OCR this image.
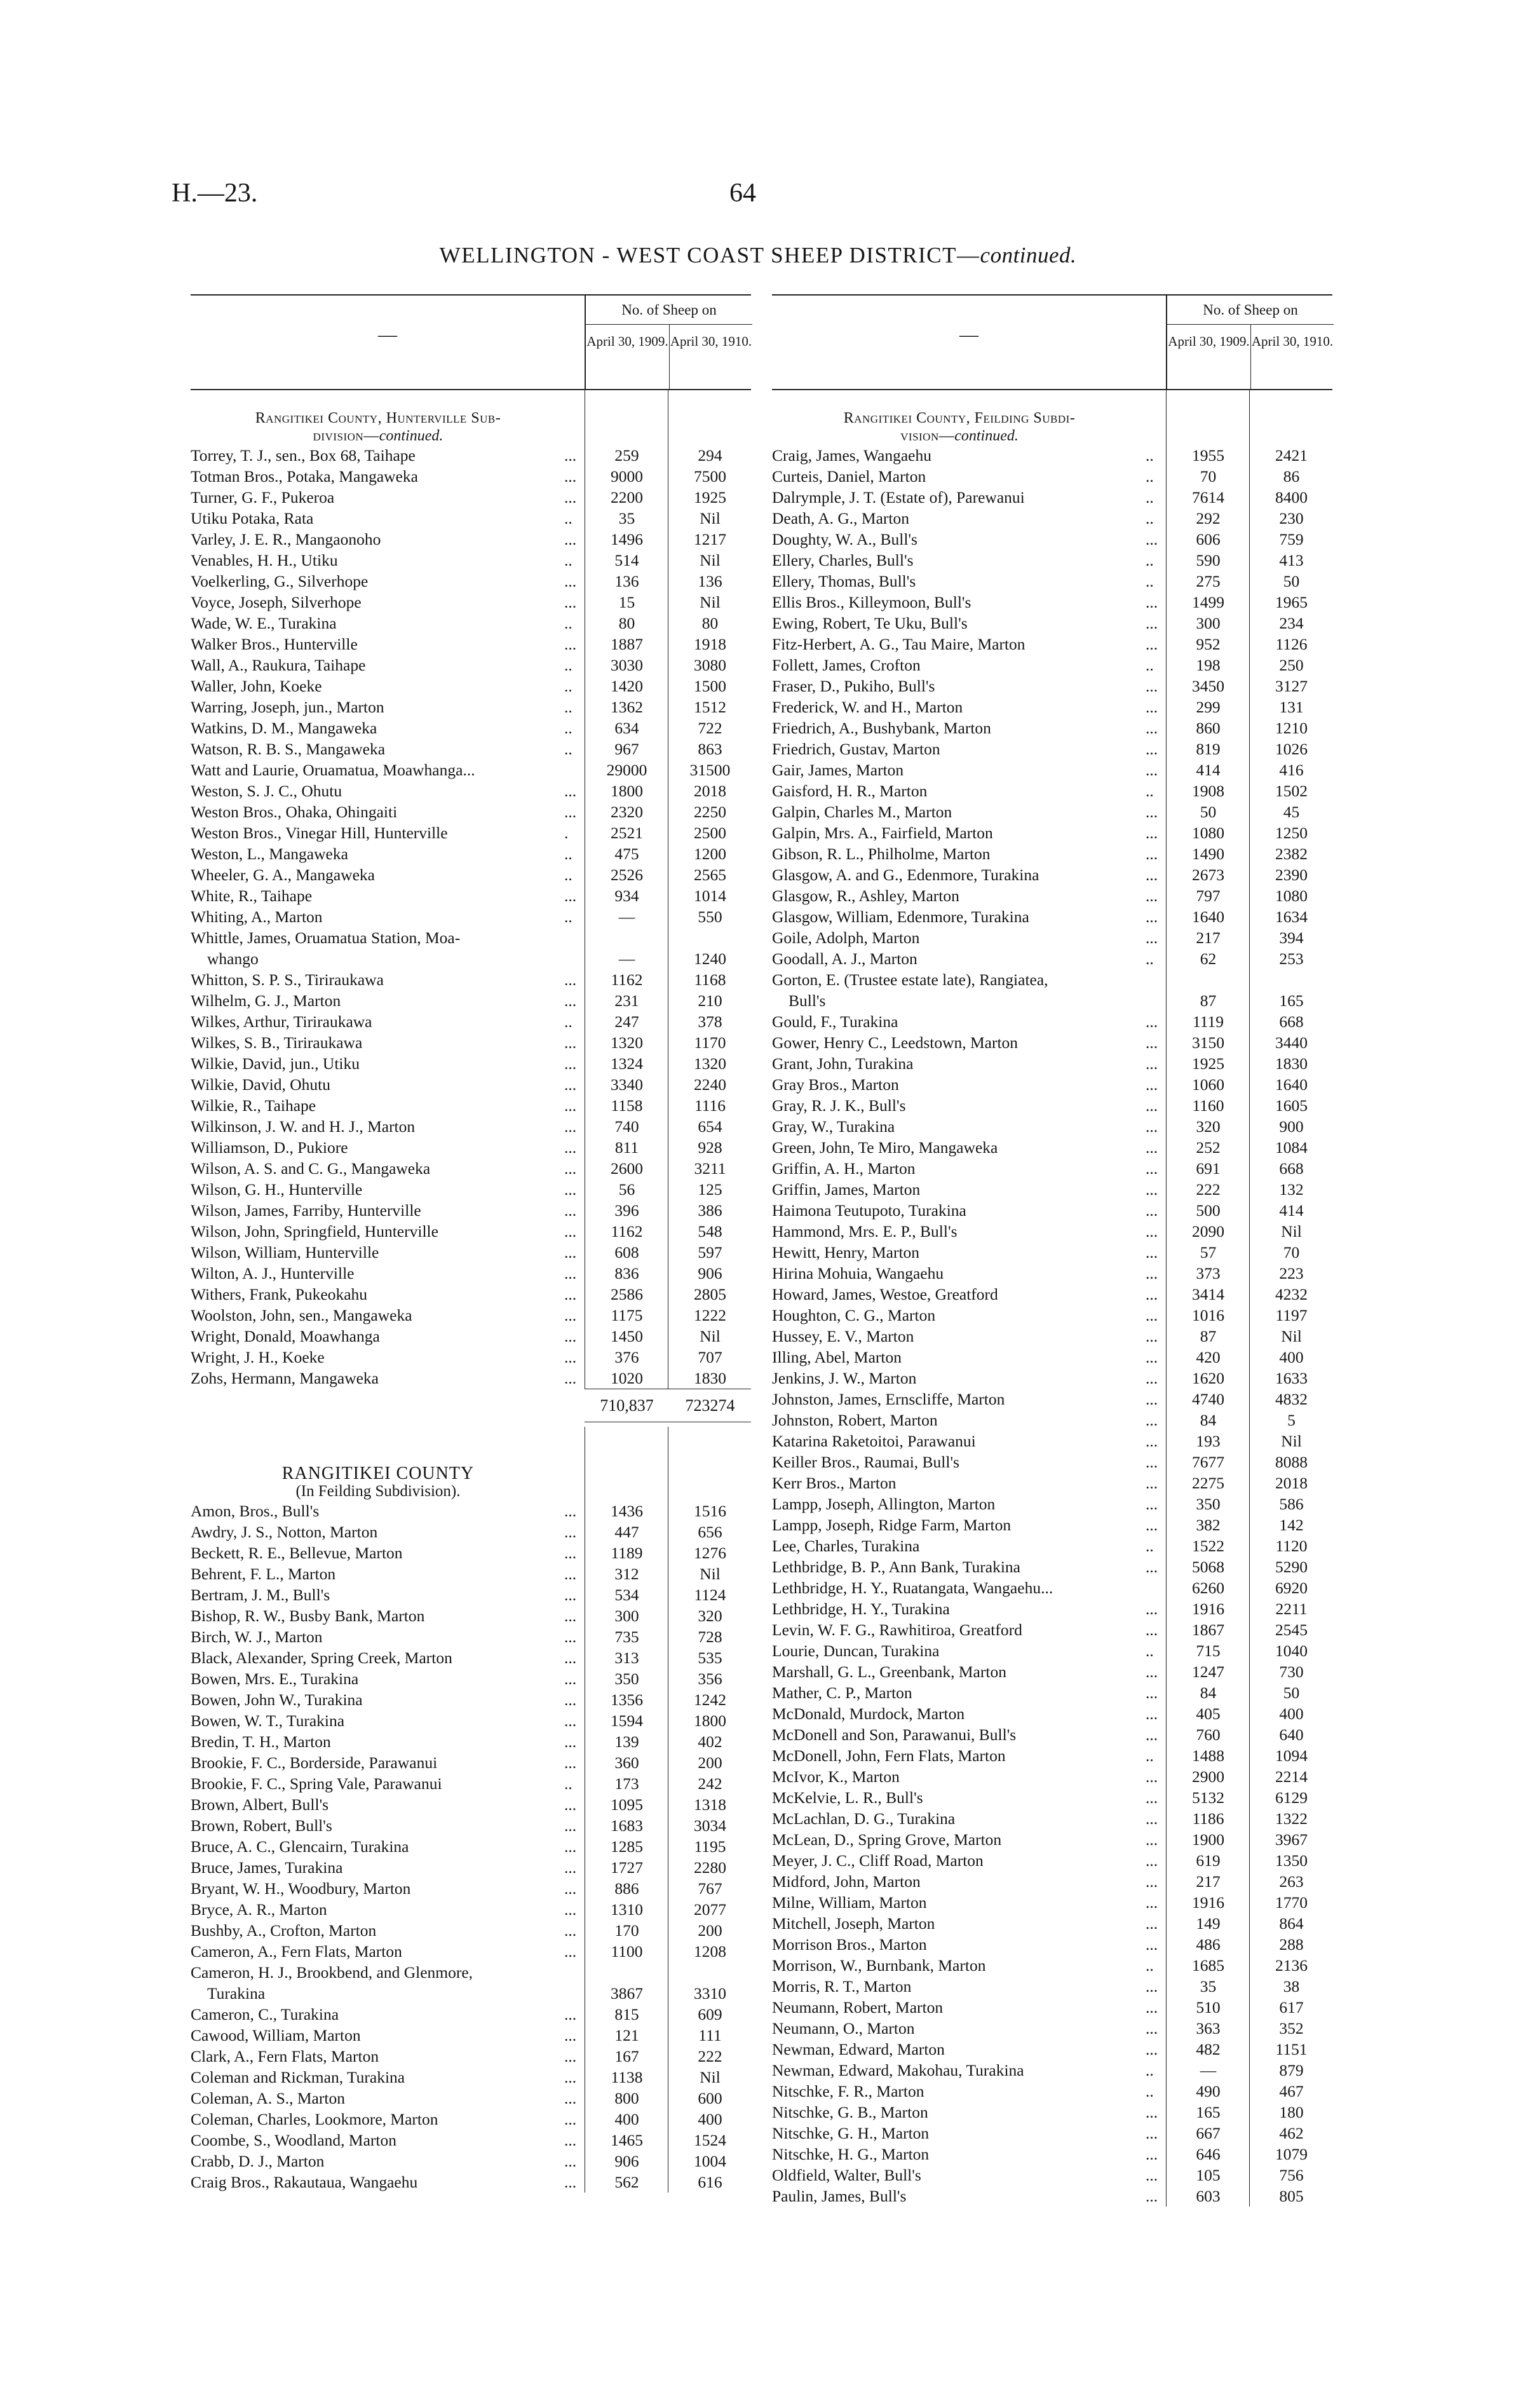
H.—23.	64
WELLINGTON - WEST COAST SHEEP DISTRICT—continued.
—
No. of Sheep on
April 30, 1909. April 30, 1910.
Rangitikei County, Hunterville Sub-
division—continued.
Torrey, T. J., sen., Box 68, Taihape	...	259	294
Totman Bros., Potaka, Mangaweka	...	9000	7500
Turner, G. F., Pukeroa	...	2200	1925
Utiku Potaka, Rata	..	35	Nil
Varley, J. E. R., Mangaonoho	...	1496	1217
Venables, H. H., Utiku	..	514	Nil
Voelkerling, G., Silverhope	...	136	136
Voyce, Joseph, Silverhope	...	15	Nil
Wade, W. E., Turakina	..	80	80
Walker Bros., Hunterville	...	1887	1918
Wall, A., Raukura, Taihape	..	3030	3080
Waller, John, Koeke	..	1420	1500
Warring, Joseph, jun., Marton	..	1362	1512
Watkins, D. M., Mangaweka	..	634	722
Watson, R. B. S., Mangaweka	..	967	863
Watt and Laurie, Oruamatua, Moawhanga...	29000	31500
Weston, S. J. C., Ohutu	...	1800	2018
Weston Bros., Ohaka, Ohingaiti	...	2320	2250
Weston Bros., Vinegar Hill, Hunterville	.	2521	2500
Weston, L., Mangaweka	..	475	1200
Wheeler, G. A., Mangaweka	..	2526	2565
White, R., Taihape	...	934	1014
Whiting, A., Marton	..	—	550
Whittle, James, Oruamatua Station, Moa-
whango	—	1240
Whitton, S. P. S., Tiriraukawa	...	1162	1168
Wilhelm, G. J., Marton	...	231	210
Wilkes, Arthur, Tiriraukawa	..	247	378
Wilkes, S. B., Tiriraukawa	...	1320	1170
Wilkie, David, jun., Utiku	...	1324	1320
Wilkie, David, Ohutu	...	3340	2240
Wilkie, R., Taihape	...	1158	1116
Wilkinson, J. W. and H. J., Marton	...	740	654
Williamson, D., Pukiore	...	811	928
Wilson, A. S. and C. G., Mangaweka	...	2600	3211
Wilson, G. H., Hunterville	...	56	125
Wilson, James, Farriby, Hunterville	...	396	386
Wilson, John, Springfield, Hunterville	...	1162	548
Wilson, William, Hunterville	...	608	597
Wilton, A. J., Hunterville	...	836	906
Withers, Frank, Pukeokahu	...	2586	2805
Woolston, John, sen., Mangaweka	...	1175	1222
Wright, Donald, Moawhanga	...	1450	Nil
Wright, J. H., Koeke	...	376	707
Zohs, Hermann, Mangaweka	...	1020	1830
710,837	723274
RANGITIKEI COUNTY

(In Feilding Subdivision).
Amon, Bros., Bull's	...	1436	1516
Awdry, J. S., Notton, Marton	...	447	656
Beckett, R. E., Bellevue, Marton	...	1189	1276
Behrent, F. L., Marton	...	312	Nil
Bertram, J. M., Bull's	...	534	1124
Bishop, R. W., Busby Bank, Marton	...	300	320
Birch, W. J., Marton	...	735	728
Black, Alexander, Spring Creek, Marton	...	313	535
Bowen, Mrs. E., Turakina	...	350	356
Bowen, John W., Turakina	...	1356	1242
Bowen, W. T., Turakina	...	1594	1800
Bredin, T. H., Marton	...	139	402
Brookie, F. C., Borderside, Parawanui	...	360	200
Brookie, F. C., Spring Vale, Parawanui	..	173	242
Brown, Albert, Bull's	...	1095	1318
Brown, Robert, Bull's	...	1683	3034
Bruce, A. C., Glencairn, Turakina	...	1285	1195
Bruce, James, Turakina	...	1727	2280
Bryant, W. H., Woodbury, Marton	...	886	767
Bryce, A. R., Marton	...	1310	2077
Bushby, A., Crofton, Marton	...	170	200
Cameron, A., Fern Flats, Marton	...	1100	1208
Cameron, H. J., Brookbend, and Glenmore,
Turakina	3867	3310
Cameron, C., Turakina	...	815	609
Cawood, William, Marton	...	121	111
Clark, A., Fern Flats, Marton	...	167	222
Coleman and Rickman, Turakina	...	1138	Nil
Coleman, A. S., Marton	...	800	600
Coleman, Charles, Lookmore, Marton	...	400	400
Coombe, S., Woodland, Marton	...	1465	1524
Crabb, D. J., Marton	...	906	1004
Craig Bros., Rakautaua, Wangaehu	...	562	616
—
No. of Sheep on
April 30, 1909. April 30, 1910.
Rangitikei County, Feilding Subdi-
vision—continued.
Craig, James, Wangaehu	..	1955	2421
Curteis, Daniel, Marton	..	70	86
Dalrymple, J. T. (Estate of), Parewanui	..	7614	8400
Death, A. G., Marton	..	292	230
Doughty, W. A., Bull's	...	606	759
Ellery, Charles, Bull's	..	590	413
Ellery, Thomas, Bull's	..	275	50
Ellis Bros., Killeymoon, Bull's	...	1499	1965
Ewing, Robert, Te Uku, Bull's	...	300	234
Fitz-Herbert, A. G., Tau Maire, Marton	...	952	1126
Follett, James, Crofton	..	198	250
Fraser, D., Pukiho, Bull's	...	3450	3127
Frederick, W. and H., Marton	...	299	131
Friedrich, A., Bushybank, Marton	...	860	1210
Friedrich, Gustav, Marton	...	819	1026
Gair, James, Marton	...	414	416
Gaisford, H. R., Marton	..	1908	1502
Galpin, Charles M., Marton	...	50	45
Galpin, Mrs. A., Fairfield, Marton	...	1080	1250
Gibson, R. L., Philholme, Marton	...	1490	2382
Glasgow, A. and G., Edenmore, Turakina	...	2673	2390
Glasgow, R., Ashley, Marton	...	797	1080
Glasgow, William, Edenmore, Turakina	...	1640	1634
Goile, Adolph, Marton	...	217	394
Goodall, A. J., Marton	..	62	253
Gorton, E. (Trustee estate late), Rangiatea,
Bull's	87	165
Gould, F., Turakina	...	1119	668
Gower, Henry C., Leedstown, Marton	...	3150	3440
Grant, John, Turakina	...	1925	1830
Gray Bros., Marton	...	1060	1640
Gray, R. J. K., Bull's	...	1160	1605
Gray, W., Turakina	...	320	900
Green, John, Te Miro, Mangaweka	...	252	1084
Griffin, A. H., Marton	...	691	668
Griffin, James, Marton	...	222	132
Haimona Teutupoto, Turakina	...	500	414
Hammond, Mrs. E. P., Bull's	...	2090	Nil
Hewitt, Henry, Marton	...	57	70
Hirina Mohuia, Wangaehu	...	373	223
Howard, James, Westoe, Greatford	...	3414	4232
Houghton, C. G., Marton	...	1016	1197
Hussey, E. V., Marton	...	87	Nil
Illing, Abel, Marton	...	420	400
Jenkins, J. W., Marton	...	1620	1633
Johnston, James, Ernscliffe, Marton	...	4740	4832
Johnston, Robert, Marton	...	84	5
Katarina Raketoitoi, Parawanui	...	193	Nil
Keiller Bros., Raumai, Bull's	...	7677	8088
Kerr Bros., Marton	...	2275	2018
Lampp, Joseph, Allington, Marton	...	350	586
Lampp, Joseph, Ridge Farm, Marton	...	382	142
Lee, Charles, Turakina	..	1522	1120
Lethbridge, B. P., Ann Bank, Turakina	...	5068	5290
Lethbridge, H. Y., Ruatangata, Wangaehu...	6260	6920
Lethbridge, H. Y., Turakina	...	1916	2211
Levin, W. F. G., Rawhitiroa, Greatford	...	1867	2545
Lourie, Duncan, Turakina	..	715	1040
Marshall, G. L., Greenbank, Marton	...	1247	730
Mather, C. P., Marton	...	84	50
McDonald, Murdock, Marton	...	405	400
McDonell and Son, Parawanui, Bull's	...	760	640
McDonell, John, Fern Flats, Marton	..	1488	1094
McIvor, K., Marton	...	2900	2214
McKelvie, L. R., Bull's	...	5132	6129
McLachlan, D. G., Turakina	...	1186	1322
McLean, D., Spring Grove, Marton	...	1900	3967
Meyer, J. C., Cliff Road, Marton	...	619	1350
Midford, John, Marton	...	217	263
Milne, William, Marton	...	1916	1770
Mitchell, Joseph, Marton	...	149	864
Morrison Bros., Marton	...	486	288
Morrison, W., Burnbank, Marton	..	1685	2136
Morris, R. T., Marton	...	35	38
Neumann, Robert, Marton	...	510	617
Neumann, O., Marton	...	363	352
Newman, Edward, Marton	...	482	1151
Newman, Edward, Makohau, Turakina	..	—	879
Nitschke, F. R., Marton	..	490	467
Nitschke, G. B., Marton	...	165	180
Nitschke, G. H., Marton	...	667	462
Nitschke, H. G., Marton	...	646	1079
Oldfield, Walter, Bull's	...	105	756
Paulin, James, Bull's	...	603	805
